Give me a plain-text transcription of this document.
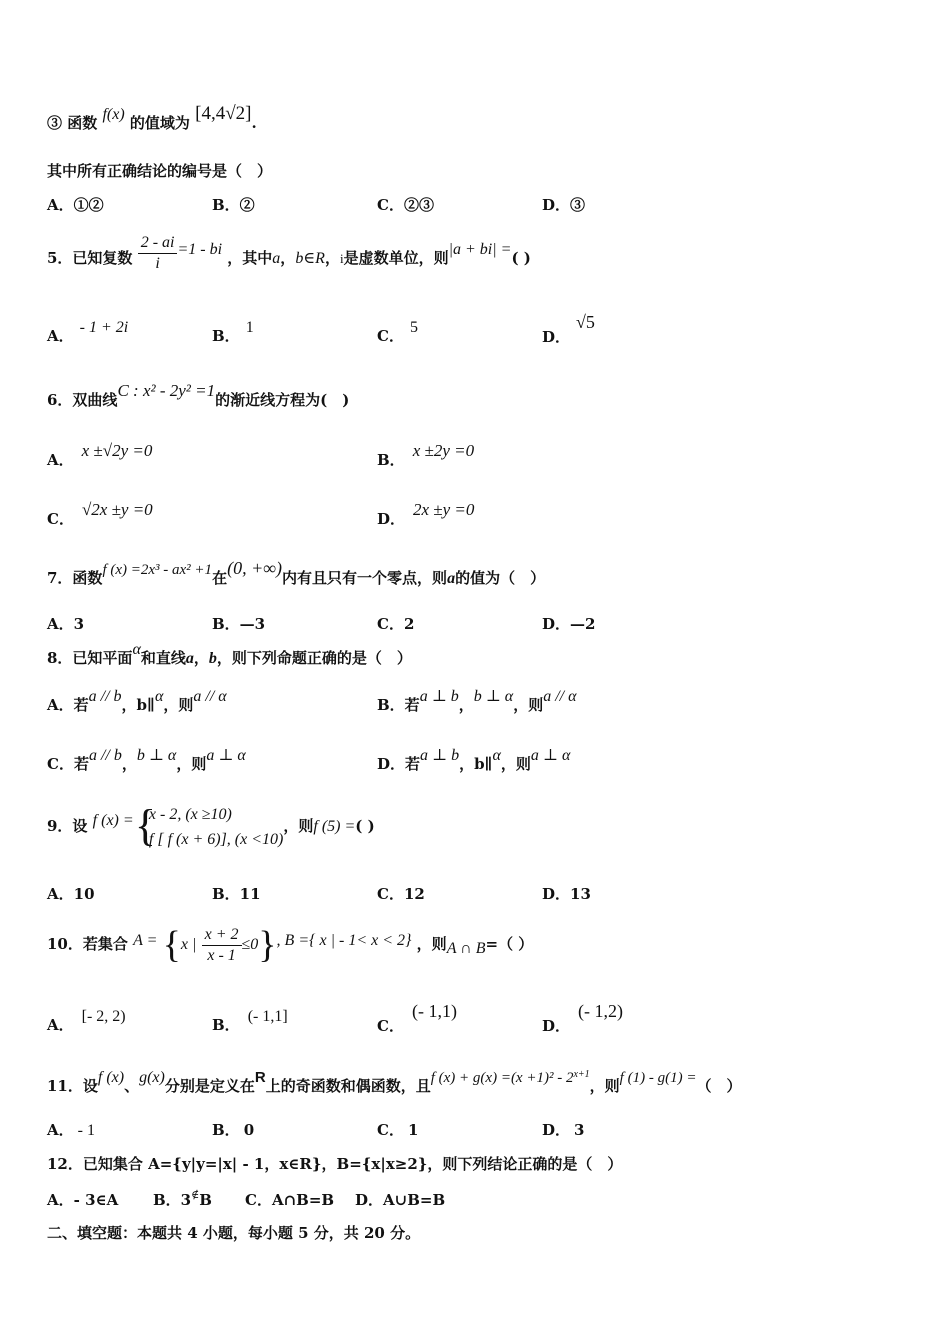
③ 函数 f(x) 的值域为 [4,4√2].
其中所有正确结论的编号是（　）
A．①②	B．②	C．②③	D．③
5．已知复数 $\frac{2 - ai}{i} =1$ - bi ，其中a，b∈R，i是虚数单位，则|a + bi| =( )
A． - 1 + 2i	B． 1	C． 5
D．√5
6．双曲线C : x² - 2y² =1的渐近线方程为(　)
A． x ±√2y =0	B． x ±2y =0
C． √2x ±y =0	D． 2x ±y =0
7．函数f (x) =2x³ - ax² +1在(0, +∞)内有且只有一个零点，则a的值为（　）
A．3	B．—3	C．2	D．—2
8．已知平面α和直线a，b，则下列命题正确的是（　）
A．若a // b，b∥α，则a // α	B．若a ⊥ b，b ⊥ α，则a // α
C．若a // b，b ⊥ α，则a ⊥ α	D．若a ⊥ b，b∥α，则a ⊥ α
9．设 f (x) = {
x - 2, (x ≥10)
f [ f (x + 6)], (x <10)
，则f (5) =( )
A．10	B．11	C．12	D．13
10．若集合 A = {x | $\frac{x + 2}{x - 1} \le 0$}, B ={ x | - 1< x < 2} ，则A ∩ B=（ ）
A． [- 2, 2)	B． (- 1,1]
C．(- 1,1)
D．(- 1,2)
11．设f (x)、g(x)分别是定义在R上的奇函数和偶函数，且f $(x) + g(x) =(x +1)^2 - 2^{x+1}$，则f (1) - g(1) =（　）
A． - 1	B． 0	C． 1	D． 3
12．已知集合 A={y|y=|x| - 1，x∈R}，B={x|x≥2}，则下列结论正确的是（　）
A．- 3∈A B．3∉B C．A∩B=B D．A∪B=B
二、填空题：本题共 4 小题，每小题 5 分，共 20 分。
